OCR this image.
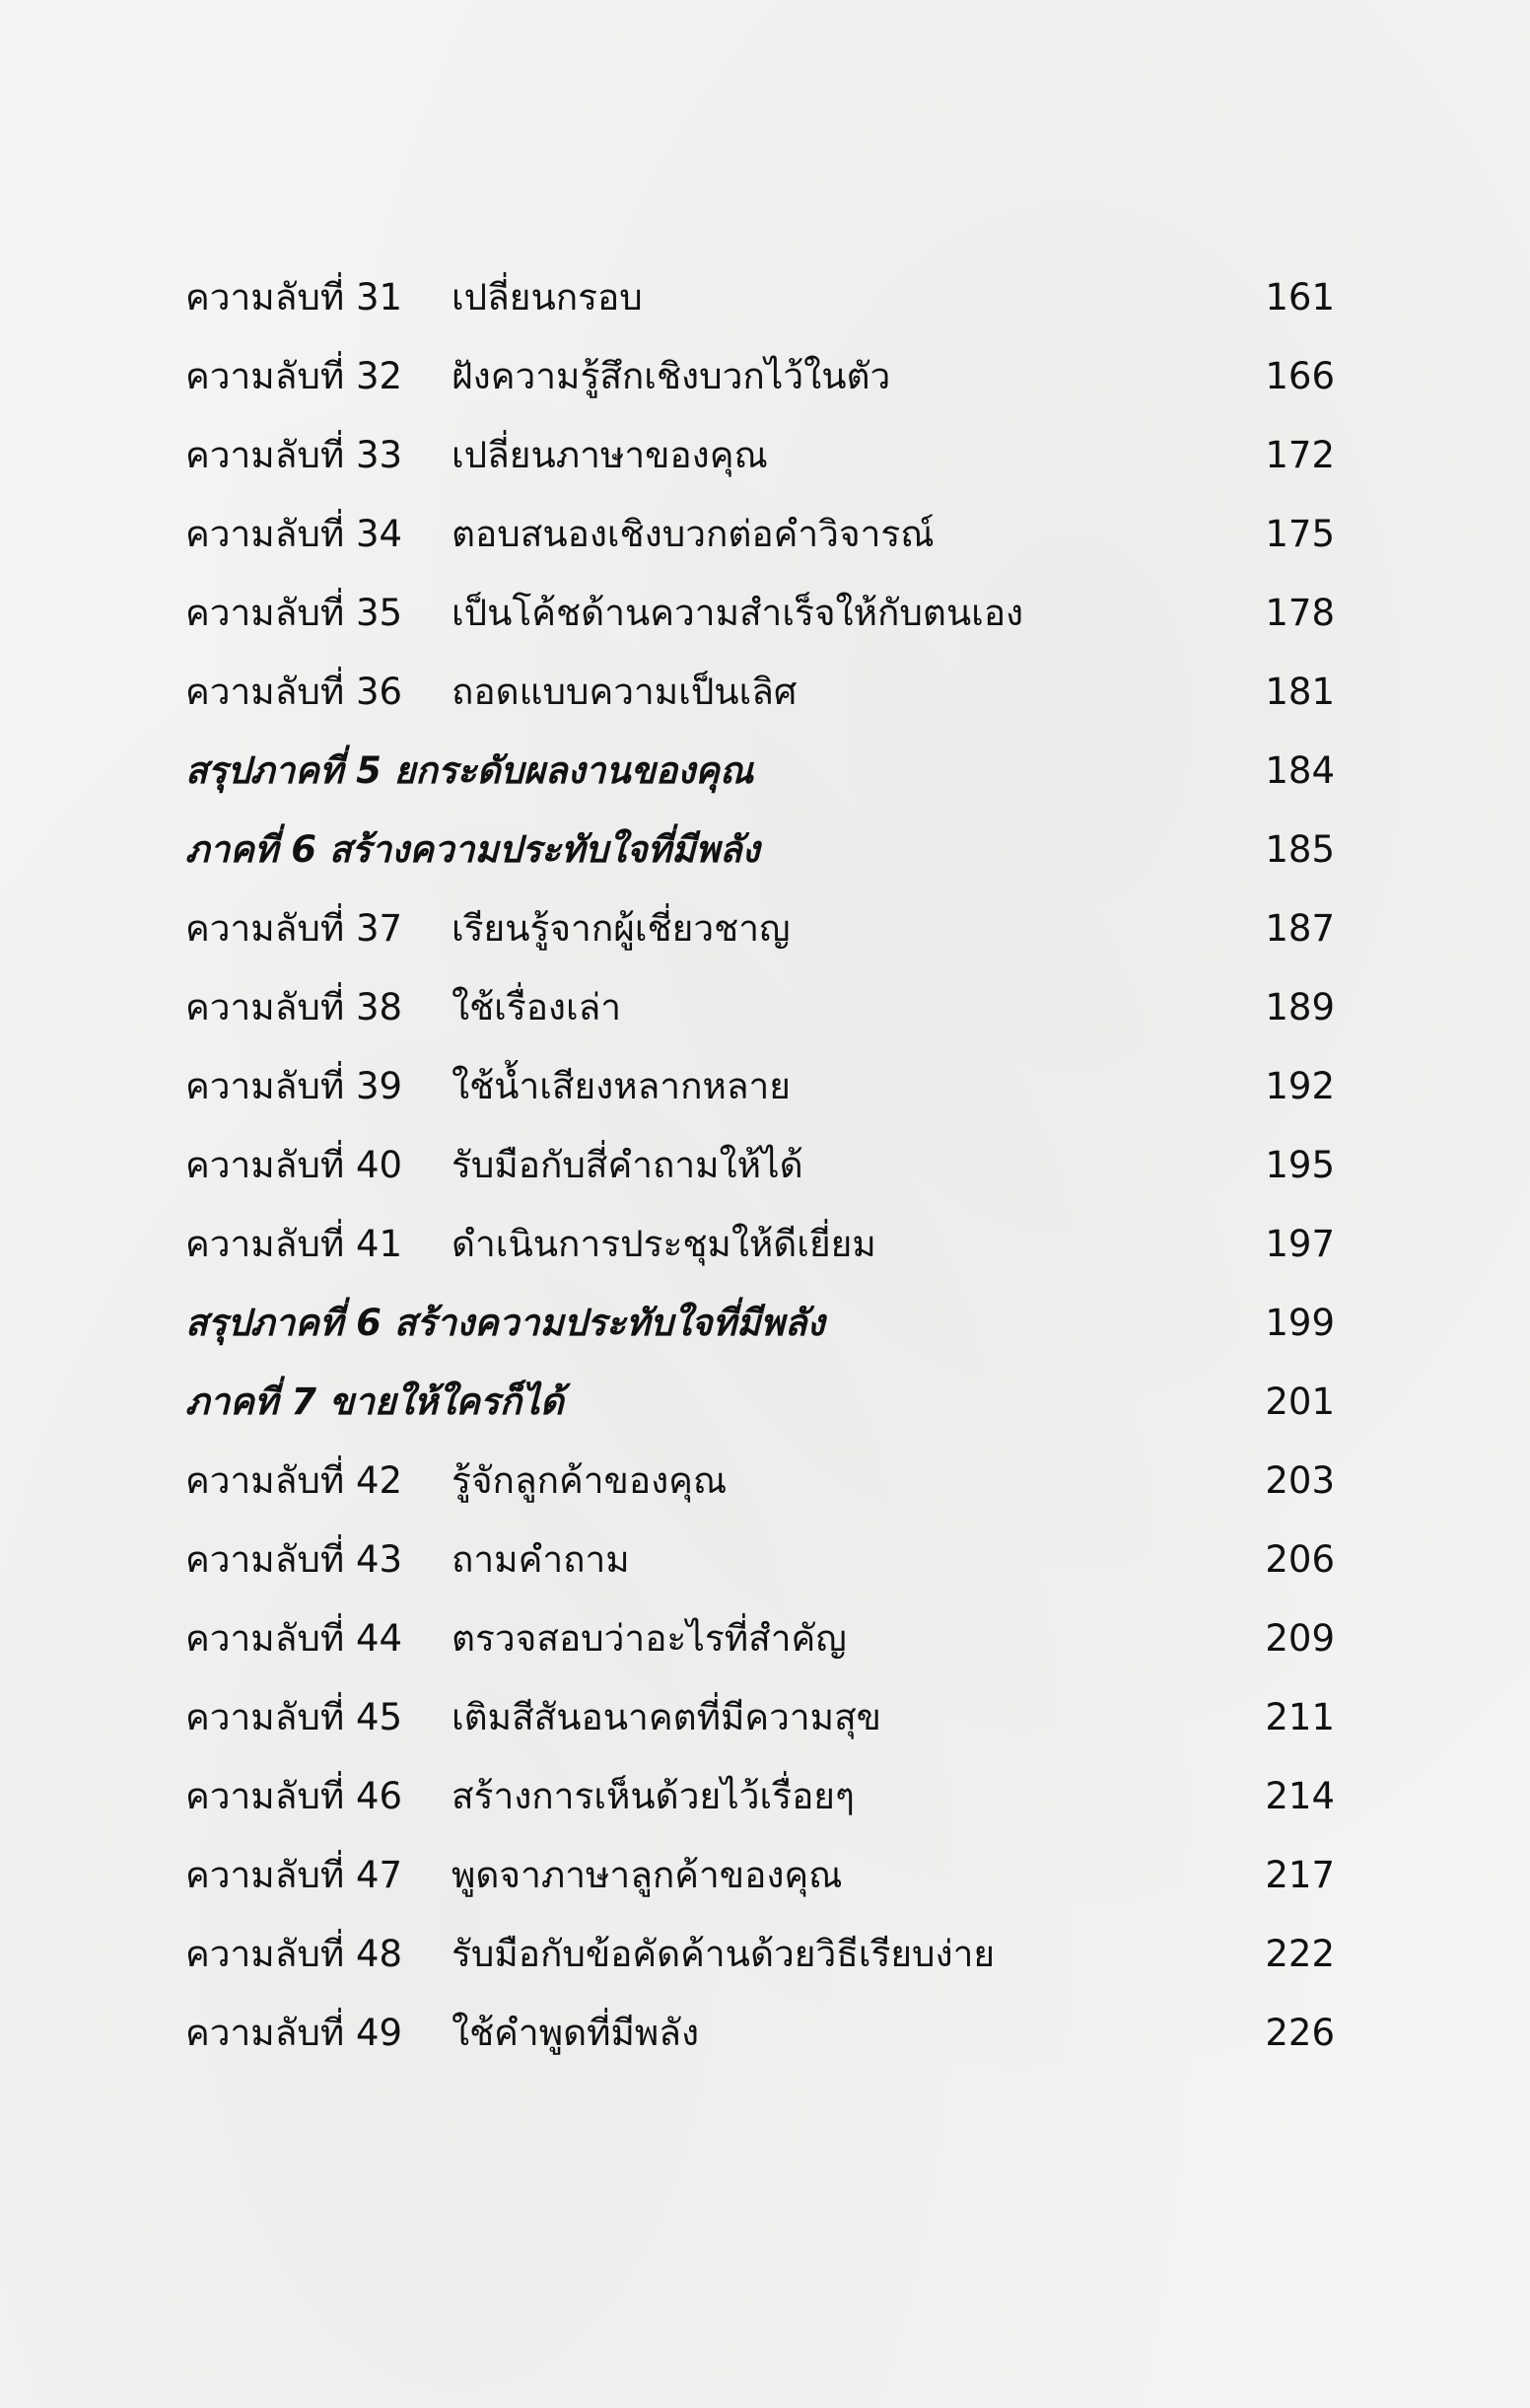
ความลับที่ 31 เปลี่ยนกรอบ	161
ความลับที่ 32 ฝังความรู้สึกเชิงบวกไว้ในตัว	166
ความลับที่ 33 เปลี่ยนภาษาของคุณ	172
ความลับที่ 34 ตอบสนองเชิงบวกต่อคำวิจารณ์	175
ความลับที่ 35 เป็นโค้ชด้านความสำเร็จให้กับตนเอง	178
ความลับที่ 36 ถอดแบบความเป็นเลิศ	181
สรุปภาคที่ 5 ยกระดับผลงานของคุณ	184
ภาคที่ 6 สร้างความประทับใจที่มีพลัง	185
ความลับที่ 37 เรียนรู้จากผู้เชี่ยวชาญ	187
ความลับที่ 38 ใช้เรื่องเล่า	189
ความลับที่ 39 ใช้น้ำเสียงหลากหลาย	192
ความลับที่ 40 รับมือกับสี่คำถามให้ได้	195
ความลับที่ 41 ดำเนินการประชุมให้ดีเยี่ยม	197
สรุปภาคที่ 6 สร้างความประทับใจที่มีพลัง	199
ภาคที่ 7 ขายให้ใครก็ได้	201
ความลับที่ 42 รู้จักลูกค้าของคุณ	203
ความลับที่ 43 ถามคำถาม	206
ความลับที่ 44 ตรวจสอบว่าอะไรที่สำคัญ	209
ความลับที่ 45 เติมสีสันอนาคตที่มีความสุข	211
ความลับที่ 46 สร้างการเห็นด้วยไว้เรื่อยๆ	214
ความลับที่ 47 พูดจาภาษาลูกค้าของคุณ	217
ความลับที่ 48 รับมือกับข้อคัดค้านด้วยวิธีเรียบง่าย	222
ความลับที่ 49 ใช้คำพูดที่มีพลัง	226
